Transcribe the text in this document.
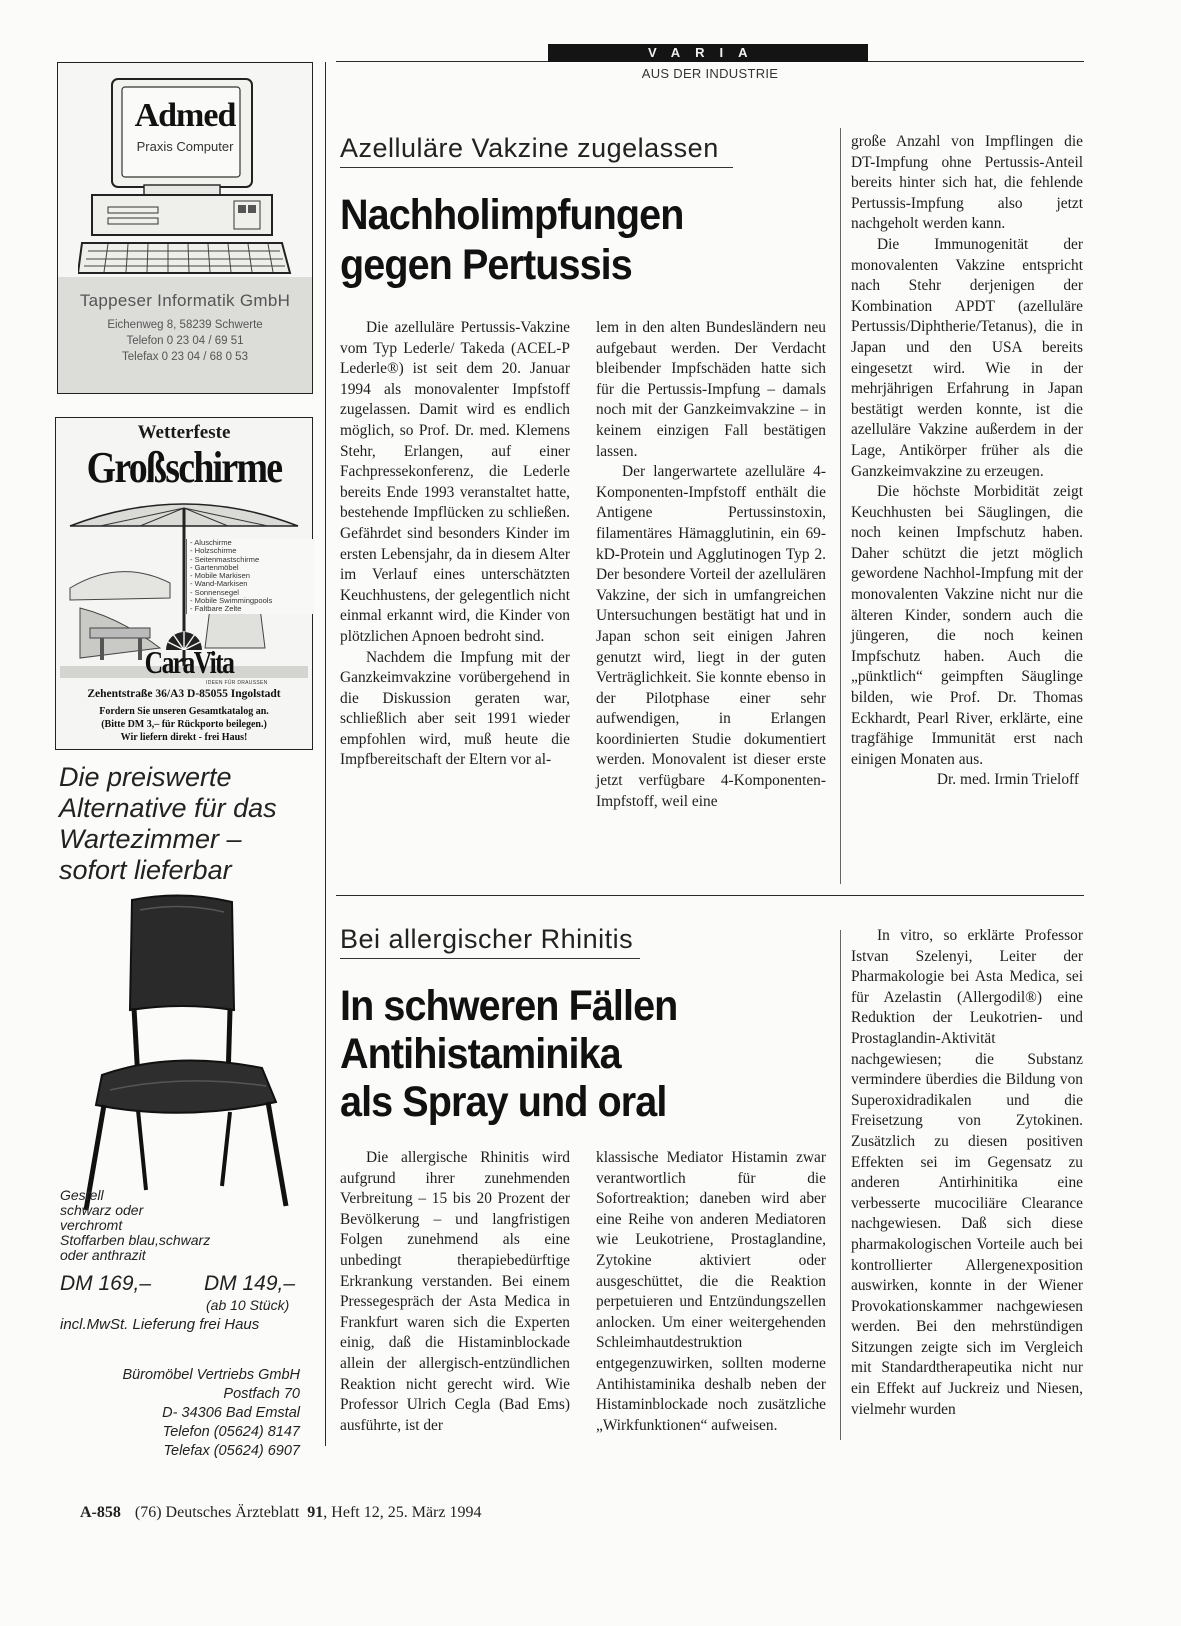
Admed
Praxis Computer
Tappeser Informatik GmbH
Eichenweg 8, 58239 Schwerte
Telefon 0 23 04 / 69 51
Telefax 0 23 04 / 68 0 53
Wetterfeste
Großschirme
- Aluschirme
- Holzschirme
- Seitenmastschirme
- Gartenmöbel
- Mobile Markisen
- Wand-Markisen
- Sonnensegel
- Mobile Swimmingpools
- Faltbare Zelte
CaraVita
IDEEN FÜR DRAUSSEN
Zehentstraße 36/A3 D-85055 Ingolstadt
Fordern Sie unseren Gesamtkatalog an.
(Bitte DM 3,– für Rückporto beilegen.)
Wir liefern direkt - frei Haus!
Die preiswerte Alternative für das Wartezimmer – sofort lieferbar
Gestell
schwarz oder
verchromt
Stoffarben blau,schwarz
oder anthrazit
DM 169,–	DM 149,–
(ab 10 Stück)
incl.MwSt. Lieferung frei Haus
Büromöbel Vertriebs GmbH
Postfach 70
D- 34306 Bad Emstal
Telefon (05624) 8147
Telefax (05624) 6907
VARIA
AUS DER INDUSTRIE
Azelluläre Vakzine zugelassen
Nachholimpfungen
gegen Pertussis

Die azelluläre Pertussis-Vakzine vom Typ Lederle/ Takeda (ACEL-P Lederle®) ist seit dem 20. Januar 1994 als monovalenter Impfstoff zugelassen. Damit wird es endlich möglich, so Prof. Dr. med. Klemens Stehr, Erlangen, auf einer Fachpressekonferenz, die Lederle bereits Ende 1993 veranstaltet hatte, bestehende Impflücken zu schließen. Gefährdet sind besonders Kinder im ersten Lebensjahr, da in diesem Alter im Verlauf eines unterschätzten Keuchhustens, der gelegentlich nicht einmal erkannt wird, die Kinder von plötzlichen Apnoen bedroht sind.

Nachdem die Impfung mit der Ganzkeimvakzine vorübergehend in die Diskussion geraten war, schließlich aber seit 1991 wieder empfohlen wird, muß heute die Impfbereitschaft der Eltern vor al-

lem in den alten Bundesländern neu aufgebaut werden. Der Verdacht bleibender Impfschäden hatte sich für die Pertussis-Impfung – damals noch mit der Ganzkeimvakzine – in keinem einzigen Fall bestätigen lassen.

Der langerwartete azelluläre 4-Komponenten-Impfstoff enthält die Antigene Pertussinstoxin, filamentäres Hämagglutinin, ein 69-kD-Protein und Agglutinogen Typ 2. Der besondere Vorteil der azellulären Vakzine, der sich in umfangreichen Untersuchungen bestätigt hat und in Japan schon seit einigen Jahren genutzt wird, liegt in der guten Verträglichkeit. Sie konnte ebenso in der Pilotphase einer sehr aufwendigen, in Erlangen koordinierten Studie dokumentiert werden. Monovalent ist dieser erste jetzt verfügbare 4-Komponenten-Impfstoff, weil eine

große Anzahl von Impflingen die DT-Impfung ohne Pertussis-Anteil bereits hinter sich hat, die fehlende Pertussis-Impfung also jetzt nachgeholt werden kann.

Die Immunogenität der monovalenten Vakzine entspricht nach Stehr derjenigen der Kombination APDT (azelluläre Pertussis/Diphtherie/Tetanus), die in Japan und den USA bereits eingesetzt wird. Wie in der mehrjährigen Erfahrung in Japan bestätigt werden konnte, ist die azelluläre Vakzine außerdem in der Lage, Antikörper früher als die Ganzkeimvakzine zu erzeugen.

Die höchste Morbidität zeigt Keuchhusten bei Säuglingen, die noch keinen Impfschutz haben. Daher schützt die jetzt möglich gewordene Nachhol-Impfung mit der monovalenten Vakzine nicht nur die älteren Kinder, sondern auch die jüngeren, die noch keinen Impfschutz haben. Auch die „pünktlich“ geimpften Säuglinge bilden, wie Prof. Dr. Thomas Eckhardt, Pearl River, erklärte, eine tragfähige Immunität erst nach einigen Monaten aus.

Dr. med. Irmin Trieloff
Bei allergischer Rhinitis
In schweren Fällen
Antihistaminika
als Spray und oral

Die allergische Rhinitis wird aufgrund ihrer zunehmenden Verbreitung – 15 bis 20 Prozent der Bevölkerung – und langfristigen Folgen zunehmend als eine unbedingt therapiebedürftige Erkrankung verstanden. Bei einem Pressegespräch der Asta Medica in Frankfurt waren sich die Experten einig, daß die Histaminblockade allein der allergisch-entzündlichen Reaktion nicht gerecht wird. Wie Professor Ulrich Cegla (Bad Ems) ausführte, ist der

klassische Mediator Histamin zwar verantwortlich für die Sofortreaktion; daneben wird aber eine Reihe von anderen Mediatoren wie Leukotriene, Prostaglandine, Zytokine aktiviert oder ausgeschüttet, die die Reaktion perpetuieren und Entzündungszellen anlocken. Um einer weitergehenden Schleimhautdestruktion entgegenzuwirken, sollten moderne Antihistaminika deshalb neben der Histaminblockade noch zusätzliche „Wirkfunktionen“ aufweisen.

In vitro, so erklärte Professor Istvan Szelenyi, Leiter der Pharmakologie bei Asta Medica, sei für Azelastin (Allergodil®) eine Reduktion der Leukotrien- und Prostaglandin-Aktivität nachgewiesen; die Substanz vermindere überdies die Bildung von Superoxidradikalen und die Freisetzung von Zytokinen. Zusätzlich zu diesen positiven Effekten sei im Gegensatz zu anderen Antirhinitika eine verbesserte mucociliäre Clearance nachgewiesen. Daß sich diese pharmakologischen Vorteile auch bei kontrollierter Allergenexposition auswirken, konnte in der Wiener Provokationskammer nachgewiesen werden. Bei den mehrstündigen Sitzungen zeigte sich im Vergleich mit Standardtherapeutika nicht nur ein Effekt auf Juckreiz und Niesen, vielmehr wurden

A-858 (76) Deutsches Ärzteblatt 91, Heft 12, 25. März 1994
